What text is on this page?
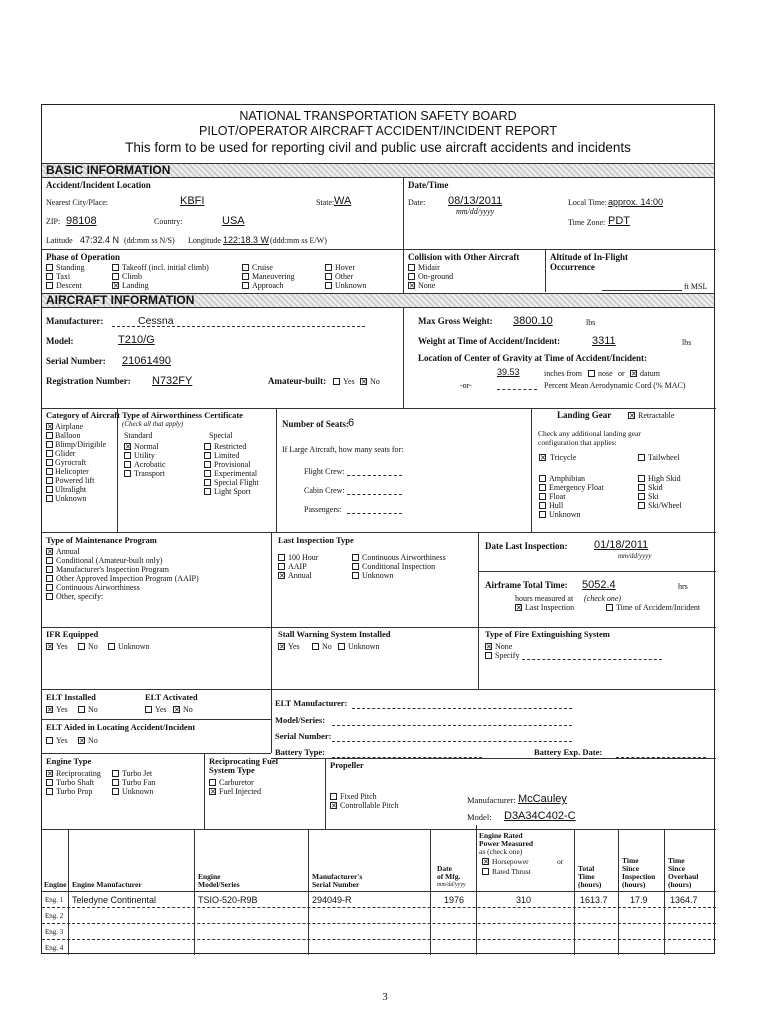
NATIONAL TRANSPORTATION SAFETY BOARD
PILOT/OPERATOR AIRCRAFT ACCIDENT/INCIDENT REPORT
This form to be used for reporting civil and public use aircraft accidents and incidents
BASIC INFORMATION
Accident/Incident Location
Nearest City/Place:	KBFI	State: WA
ZIP: 98108	Country:	USA
Latitude 47:32.4 N (dd:mm ss N/S) Longitude 122:18.3 W (ddd:mm ss E/W)
Date/Time
Date: 08/13/2011
mm/dd/yyyy
Local Time: approx. 14:00
Time Zone: PDT
Phase of Operation
Standing
Taxi
Descent
Takeoff (incl. initial climb)
Climb
✕
Landing
Cruise
Maneuvering
Approach
Hover
Other
Unknown
Collision with Other Aircraft
Midair
On-ground
✕
None
Altitude of In-Flight
Occurrence
ft MSL
AIRCRAFT INFORMATION
Manufacturer:	Cessna
Model:	T210/G
Serial Number: 21061490
Registration Number: N732FY	Amateur-built: Yes ✕ No
Max Gross Weight: 3800.10	lbs
Weight at Time of Accident/Incident:	3311	lbs
Location of Center of Gravity at Time of Accident/Incident:
39.53	inches from nose or ✕ datum
-or-	Percent Mean Aerodynamic Cord (% MAC)
Category of Aircraft
✕
Airplane
Balloon
Blimp/Dirigible
Glider
Gyrocraft
Helicopter
Powered lift
Ultralight
Unknown
Type of Airworthiness Certificate
(Check all that apply)
Standard
✕
Normal
Utility
Acrobatic
Transport
Special
Restricted
Limited
Provisional
Experimental
Special Flight
Light Sport
Number of Seats: 6
If Large Aircraft, how many seats for:
Flight Crew:
Cabin Crew:
Passengers:
Landing Gear ✕	Retractable
Check any additional landing gear
configuration that applies:
✕
Tricycle	Tailwheel
Amphibian
Emergency Float
Float
Hull
Unknown
High Skid
Skid
Ski
Ski/Wheel
Type of Maintenance Program
✕
Annual
Conditional (Amateur-built only)
Manufacturer's Inspection Program
Other Approved Inspection Program (AAIP)
Continuous Airworthiness
Other, specify:
Last Inspection Type
100 Hour
AAIP
✕
Annual
Continuous Airworthiness
Conditional Inspection
Unknown
Date Last Inspection: 01/18/2011
mm/dd/yyyy
Airframe Total Time: 5052.4	hrs
hours measured at (check one)
✕
Last Inspection	Time of Accident/Incident
IFR Equipped
✕
Yes	No	Unknown
Stall Warning System Installed
✕
Yes	No Unknown
Type of Fire Extinguishing System
✕
None
Specify
ELT Installed
✕
Yes	No
ELT Activated
Yes ✕ No
ELT Aided in Locating Accident/Incident
Yes ✕	No
ELT Manufacturer:
Model/Series:
Serial Number:
Battery Type:	Battery Exp. Date:
Engine Type
✕
Reciprocating
Turbo Shaft
Turbo Prop
Turbo Jet
Turbo Fan
Unknown
Reciprocating Fuel
System Type
Carburetor
✕
Fuel Injected
Propeller
Fixed Pitch
✕
Controllable Pitch
Manufacturer: McCauley
Model: D3A34C402-C
Engine Engine Manufacturer
Engine
Model/Series
Manufacturer's
Serial Number
Date
of Mfg.
mm/dd/yyyy
Engine Rated
Power Measured
as (check one)
✕
Horsepower	or
Rated Thrust	Total
Time
(hours)
Time
Since
Inspection
(hours)
Time
Since
Overhaul
(hours)
Eng. 1 Teledyne Continental	TSIO-520-R9B	294049-R	1976	310	1613.7 17.9 1364.7
Eng. 2
Eng. 3
Eng. 4
3
